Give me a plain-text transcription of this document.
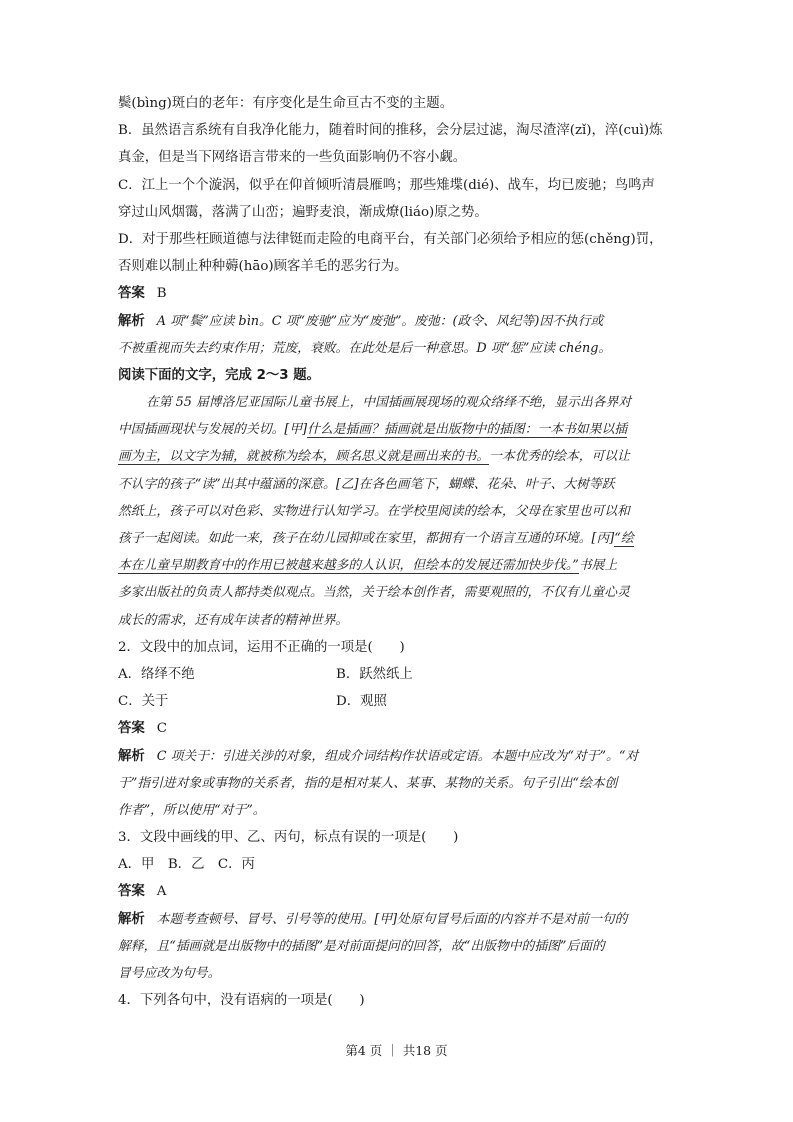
鬓(bìng)斑白的老年：有序变化是生命亘古不变的主题。
B．虽然语言系统有自我净化能力，随着时间的推移，会分层过滤，淘尽渣滓(zǐ)，淬(cuì)炼
真金，但是当下网络语言带来的一些负面影响仍不容小觑。
C．江上一个个漩涡，似乎在仰首倾听清晨雁鸣；那些雉堞(dié)、战车，均已废驰；鸟鸣声
穿过山风烟霭，落满了山峦；遍野麦浪，渐成燎(liáo)原之势。
D．对于那些枉顾道德与法律铤而走险的电商平台，有关部门必须给予相应的惩(chěng)罚，
否则难以制止种种薅(hāo)顾客羊毛的恶劣行为。
答案 B
解析 A 项“鬓”应读 bìn。C 项“废驰”应为“废弛”。废弛：(政令、风纪等)因不执行或
不被重视而失去约束作用；荒废，衰败。在此处是后一种意思。D 项“惩”应读 chéng。
阅读下面的文字，完成 2～3 题。
在第 55 届博洛尼亚国际儿童书展上，中国插画展现场的观众络绎不绝，显示出各界对
中国插画现状与发展的关切。[甲]什么是插画？插画就是出版物中的插图：一本书如果以插
画为主，以文字为辅，就被称为绘本，顾名思义就是画出来的书。一本优秀的绘本，可以让
不认字的孩子“读”出其中蕴涵的深意。[乙]在各色画笔下，蝴蝶、花朵、叶子、大树等跃
然纸上，孩子可以对色彩、实物进行认知学习。在学校里阅读的绘本，父母在家里也可以和
孩子一起阅读。如此一来，孩子在幼儿园抑或在家里，都拥有一个语言互通的环境。[丙]“绘
本在儿童早期教育中的作用已被越来越多的人认识，但绘本的发展还需加快步伐。”书展上
多家出版社的负责人都持类似观点。当然，关于绘本创作者，需要观照的，不仅有儿童心灵
成长的需求，还有成年读者的精神世界。
2．文段中的加点词，运用不正确的一项是(　　)
A．络绎不绝	B．跃然纸上
C．关于	D．观照
答案 C
解析 C 项关于：引进关涉的对象，组成介词结构作状语或定语。本题中应改为“对于”。“对
于”指引进对象或事物的关系者，指的是相对某人、某事、某物的关系。句子引出“绘本创
作者”，所以使用“对于”。
3．文段中画线的甲、乙、丙句，标点有误的一项是(　　)
A．甲　B．乙　C．丙
答案 A
解析 本题考查顿号、冒号、引号等的使用。[甲]处原句冒号后面的内容并不是对前一句的
解释，且“插画就是出版物中的插图”是对前面提问的回答，故“出版物中的插图”后面的
冒号应改为句号。
4．下列各句中，没有语病的一项是(　　)
第4 页 ｜ 共18 页
